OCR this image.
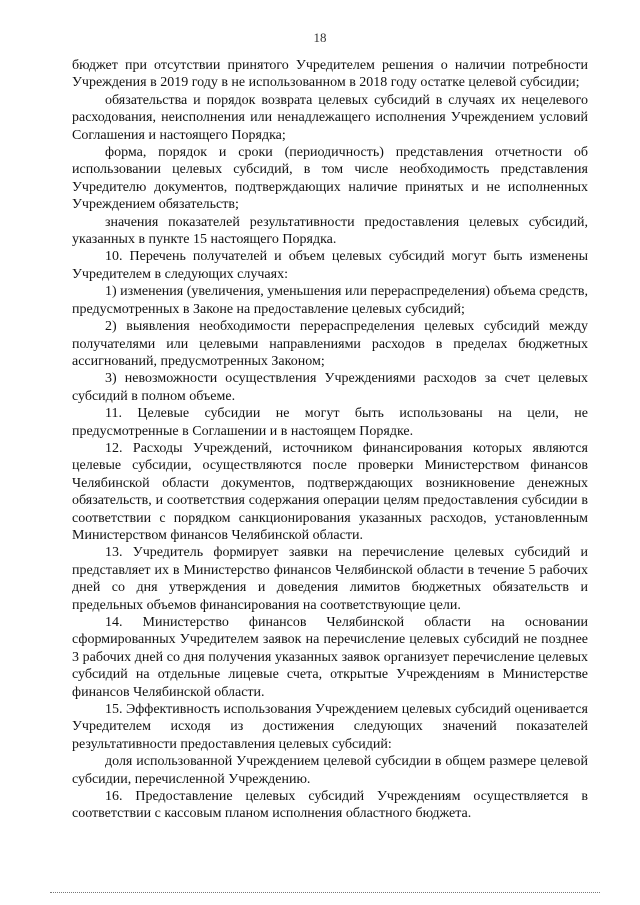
18

бюджет при отсутствии принятого Учредителем решения о наличии потребности Учреждения в 2019 году в не использованном в 2018 году остатке целевой субсидии;

обязательства и порядок возврата целевых субсидий в случаях их нецелевого расходования, неисполнения или ненадлежащего исполнения Учреждением условий Соглашения и настоящего Порядка;

форма, порядок и сроки (периодичность) представления отчетности об использовании целевых субсидий, в том числе необходимость представления Учредителю документов, подтверждающих наличие принятых и не исполненных Учреждением обязательств;

значения показателей результативности предоставления целевых субсидий, указанных в пункте 15 настоящего Порядка.

10. Перечень получателей и объем целевых субсидий могут быть изменены Учредителем в следующих случаях:

1) изменения (увеличения, уменьшения или перераспределения) объема средств, предусмотренных в Законе на предоставление целевых субсидий;

2) выявления необходимости перераспределения целевых субсидий между получателями или целевыми направлениями расходов в пределах бюджетных ассигнований, предусмотренных Законом;

3) невозможности осуществления Учреждениями расходов за счет целевых субсидий в полном объеме.

11. Целевые субсидии не могут быть использованы на цели, не предусмотренные в Соглашении и в настоящем Порядке.

12. Расходы Учреждений, источником финансирования которых являются целевые субсидии, осуществляются после проверки Министерством финансов Челябинской области документов, подтверждающих возникновение денежных обязательств, и соответствия содержания операции целям предоставления субсидии в соответствии с порядком санкционирования указанных расходов, установленным Министерством финансов Челябинской области.

13. Учредитель формирует заявки на перечисление целевых субсидий и представляет их в Министерство финансов Челябинской области в течение 5 рабочих дней со дня утверждения и доведения лимитов бюджетных обязательств и предельных объемов финансирования на соответствующие цели.

14. Министерство финансов Челябинской области на основании сформированных Учредителем заявок на перечисление целевых субсидий не позднее 3 рабочих дней со дня получения указанных заявок организует перечисление целевых субсидий на отдельные лицевые счета, открытые Учреждениям в Министерстве финансов Челябинской области.

15. Эффективность использования Учреждением целевых субсидий оценивается Учредителем исходя из достижения следующих значений показателей результативности предоставления целевых субсидий:

доля использованной Учреждением целевой субсидии в общем размере целевой субсидии, перечисленной Учреждению.

16. Предоставление целевых субсидий Учреждениям осуществляется в соответствии с кассовым планом исполнения областного бюджета.
